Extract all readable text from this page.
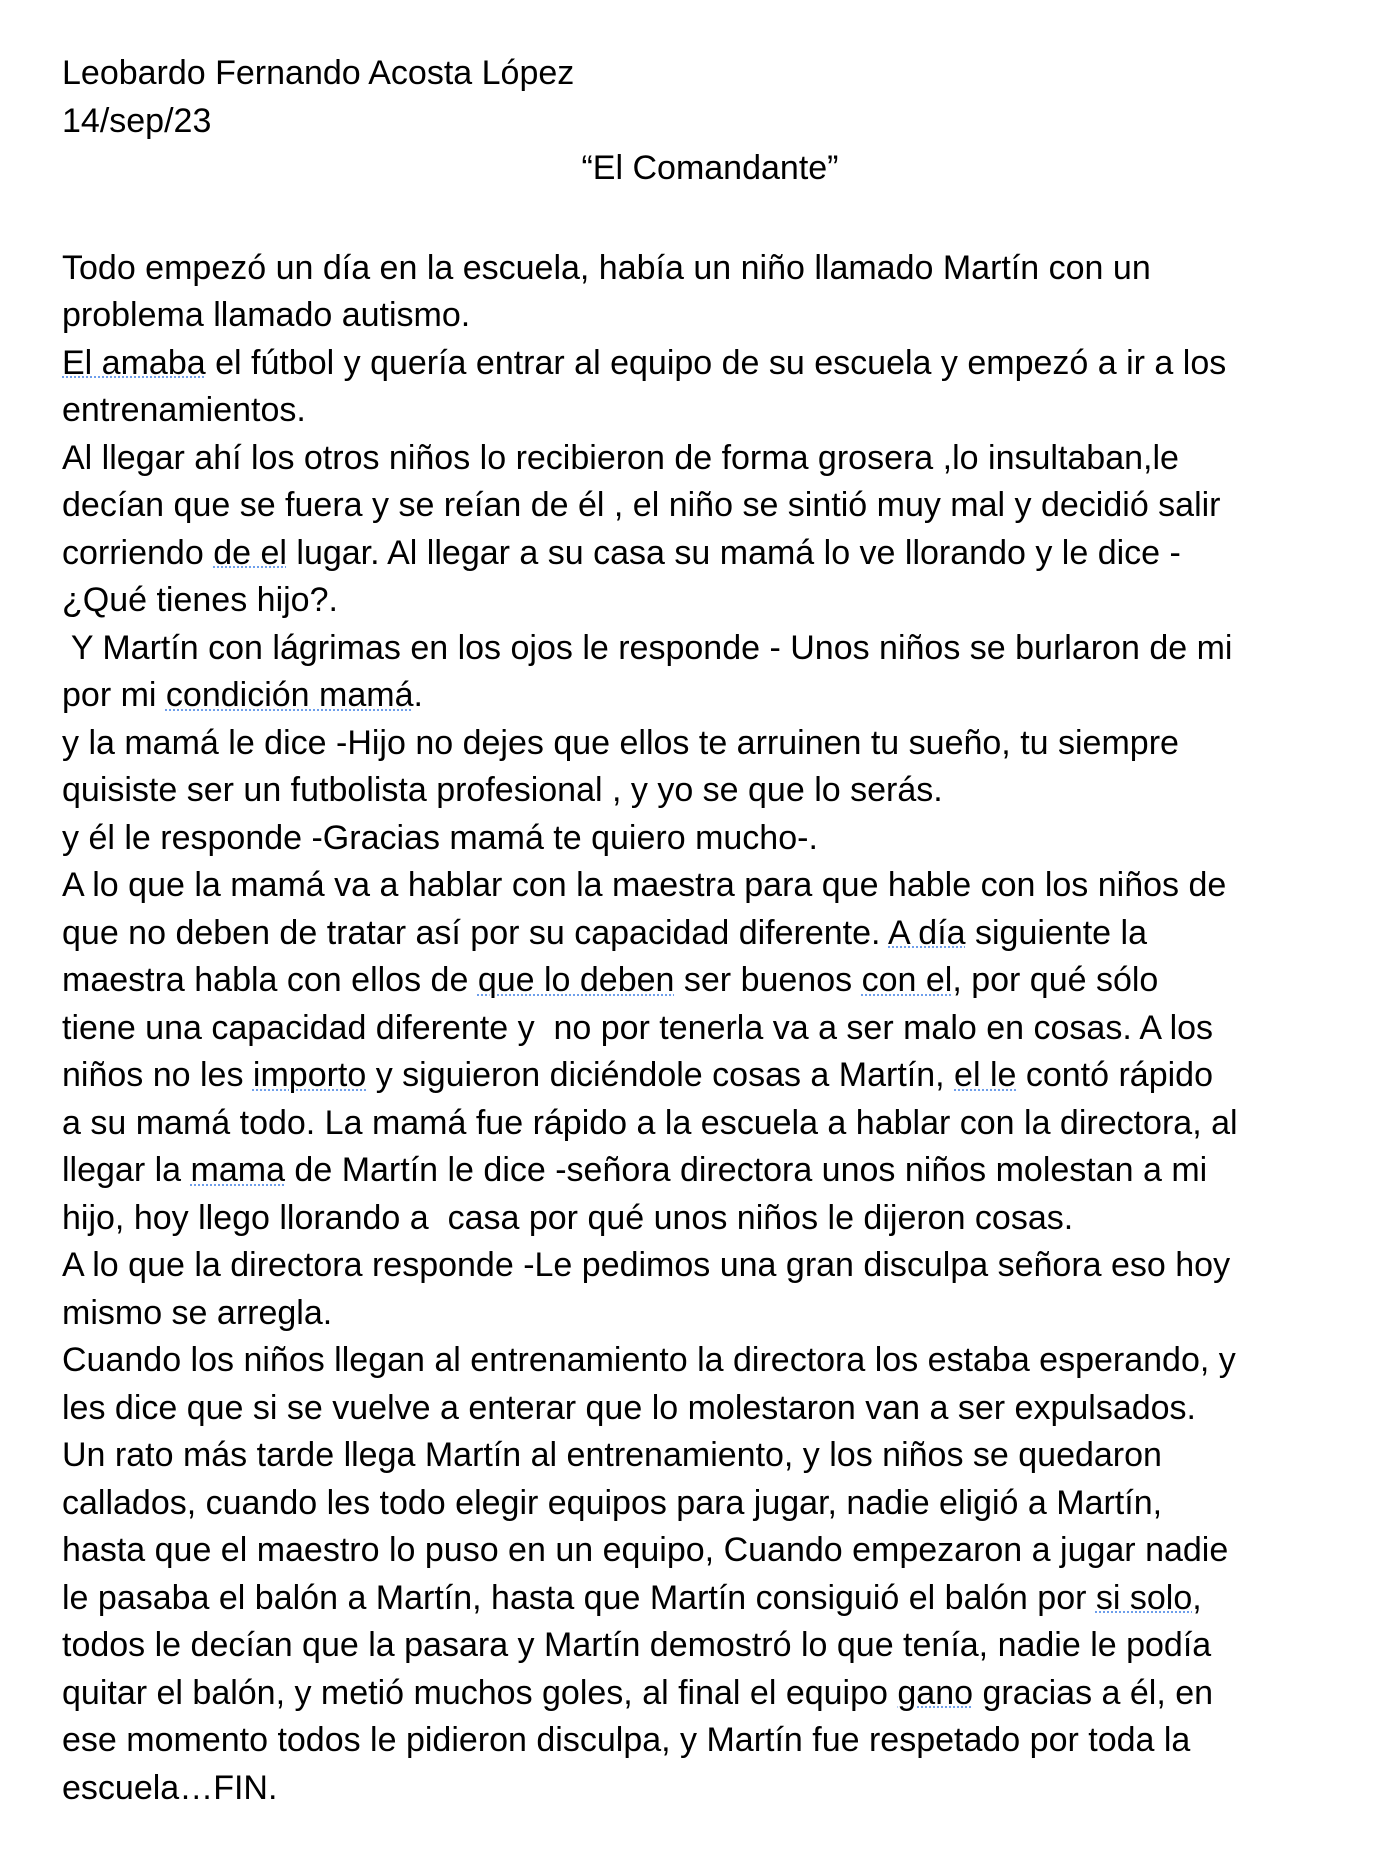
Leobardo Fernando Acosta López

14/sep/23

“El Comandante”
Todo empezó un día en la escuela, había un niño llamado Martín con un
problema llamado autismo.
El amaba el fútbol y quería entrar al equipo de su escuela y empezó a ir a los
entrenamientos.
Al llegar ahí los otros niños lo recibieron de forma grosera ,lo insultaban,le
decían que se fuera y se reían de él , el niño se sintió muy mal y decidió salir
corriendo de el lugar. Al llegar a su casa su mamá lo ve llorando y le dice -
¿Qué tienes hijo?.
Y Martín con lágrimas en los ojos le responde - Unos niños se burlaron de mi
por mi condición mamá.
y la mamá le dice -Hijo no dejes que ellos te arruinen tu sueño, tu siempre
quisiste ser un futbolista profesional , y yo se que lo serás.
y él le responde -Gracias mamá te quiero mucho-.
A lo que la mamá va a hablar con la maestra para que hable con los niños de
que no deben de tratar así por su capacidad diferente. A día siguiente la
maestra habla con ellos de que lo deben ser buenos con el, por qué sólo
tiene una capacidad diferente y  no por tenerla va a ser malo en cosas. A los
niños no les importo y siguieron diciéndole cosas a Martín, el le contó rápido
a su mamá todo. La mamá fue rápido a la escuela a hablar con la directora, al
llegar la mama de Martín le dice -señora directora unos niños molestan a mi
hijo, hoy llego llorando a  casa por qué unos niños le dijeron cosas.
A lo que la directora responde -Le pedimos una gran disculpa señora eso hoy
mismo se arregla.
Cuando los niños llegan al entrenamiento la directora los estaba esperando, y
les dice que si se vuelve a enterar que lo molestaron van a ser expulsados.
Un rato más tarde llega Martín al entrenamiento, y los niños se quedaron
callados, cuando les todo elegir equipos para jugar, nadie eligió a Martín,
hasta que el maestro lo puso en un equipo, Cuando empezaron a jugar nadie
le pasaba el balón a Martín, hasta que Martín consiguió el balón por si solo,
todos le decían que la pasara y Martín demostró lo que tenía, nadie le podía
quitar el balón, y metió muchos goles, al final el equipo gano gracias a él, en
ese momento todos le pidieron disculpa, y Martín fue respetado por toda la
escuela…FIN.
